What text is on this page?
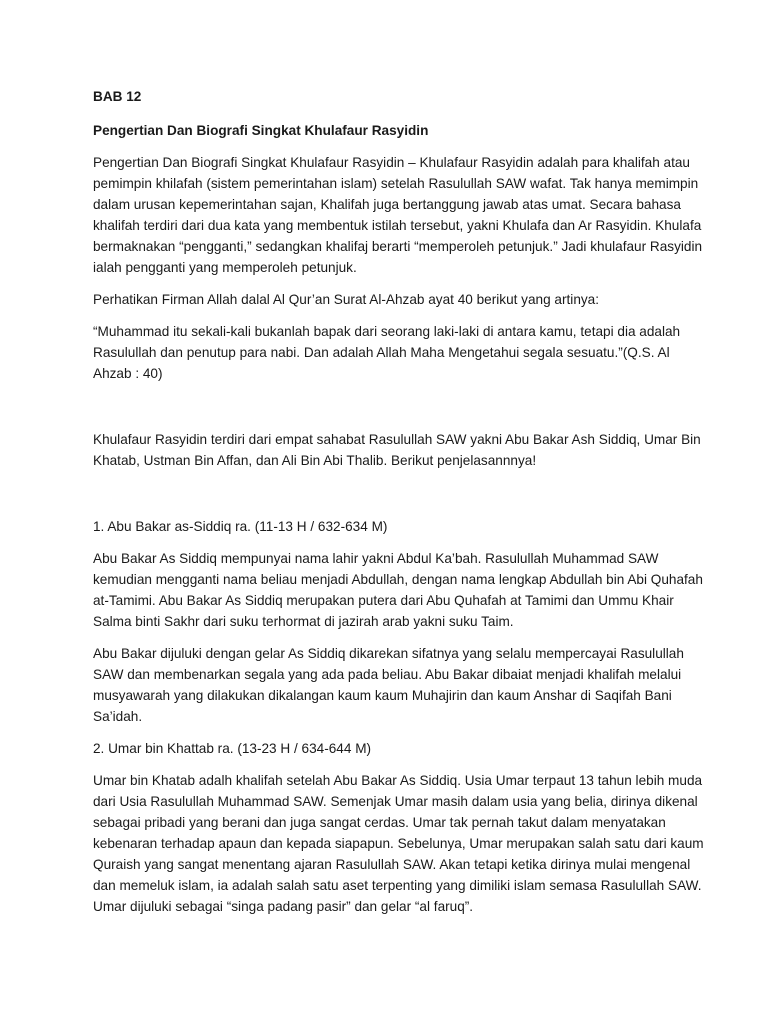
BAB 12

Pengertian Dan Biografi Singkat Khulafaur Rasyidin

Pengertian Dan Biografi Singkat Khulafaur Rasyidin – Khulafaur Rasyidin adalah para khalifah atau pemimpin khilafah (sistem pemerintahan islam) setelah Rasulullah SAW wafat. Tak hanya memimpin dalam urusan kepemerintahan sajan, Khalifah juga bertanggung jawab atas umat. Secara bahasa khalifah terdiri dari dua kata yang membentuk istilah tersebut, yakni Khulafa dan Ar Rasyidin. Khulafa bermaknakan “pengganti,” sedangkan khalifaj berarti “memperoleh petunjuk.” Jadi khulafaur Rasyidin ialah pengganti yang memperoleh petunjuk.

Perhatikan Firman Allah dalal Al Qur’an Surat Al-Ahzab ayat 40 berikut yang artinya:

“Muhammad itu sekali-kali bukanlah bapak dari seorang laki-laki di antara kamu, tetapi dia adalah Rasulullah dan penutup para nabi. Dan adalah Allah Maha Mengetahui segala sesuatu.”(Q.S. Al Ahzab : 40)

Khulafaur Rasyidin terdiri dari empat sahabat Rasulullah SAW yakni Abu Bakar Ash Siddiq, Umar Bin Khatab, Ustman Bin Affan, dan Ali Bin Abi Thalib. Berikut penjelasannnya!

1. Abu Bakar as-Siddiq ra. (11-13 H / 632-634 M)

Abu Bakar As Siddiq mempunyai nama lahir yakni Abdul Ka’bah. Rasulullah Muhammad SAW kemudian mengganti nama beliau menjadi Abdullah, dengan nama lengkap Abdullah bin Abi Quhafah at-Tamimi. Abu Bakar As Siddiq merupakan putera dari Abu Quhafah at Tamimi dan Ummu Khair Salma binti Sakhr dari suku terhormat di jazirah arab yakni suku Taim.

Abu Bakar dijuluki dengan gelar As Siddiq dikarekan sifatnya yang selalu mempercayai Rasulullah SAW dan membenarkan segala yang ada pada beliau. Abu Bakar dibaiat menjadi khalifah melalui musyawarah yang dilakukan dikalangan kaum kaum Muhajirin dan kaum Anshar di Saqifah Bani Sa’idah.

2. Umar bin Khattab ra. (13-23 H / 634-644 M)

Umar bin Khatab adalh khalifah setelah Abu Bakar As Siddiq. Usia Umar terpaut 13 tahun lebih muda dari Usia Rasulullah Muhammad SAW. Semenjak Umar masih dalam usia yang belia, dirinya dikenal sebagai pribadi yang berani dan juga sangat cerdas. Umar tak pernah takut dalam menyatakan kebenaran terhadap apaun dan kepada siapapun. Sebelunya, Umar merupakan salah satu dari kaum Quraish yang sangat menentang ajaran Rasulullah SAW. Akan tetapi ketika dirinya mulai mengenal dan memeluk islam, ia adalah salah satu aset terpenting yang dimiliki islam semasa Rasulullah SAW. Umar dijuluki sebagai “singa padang pasir” dan gelar “al faruq”.
